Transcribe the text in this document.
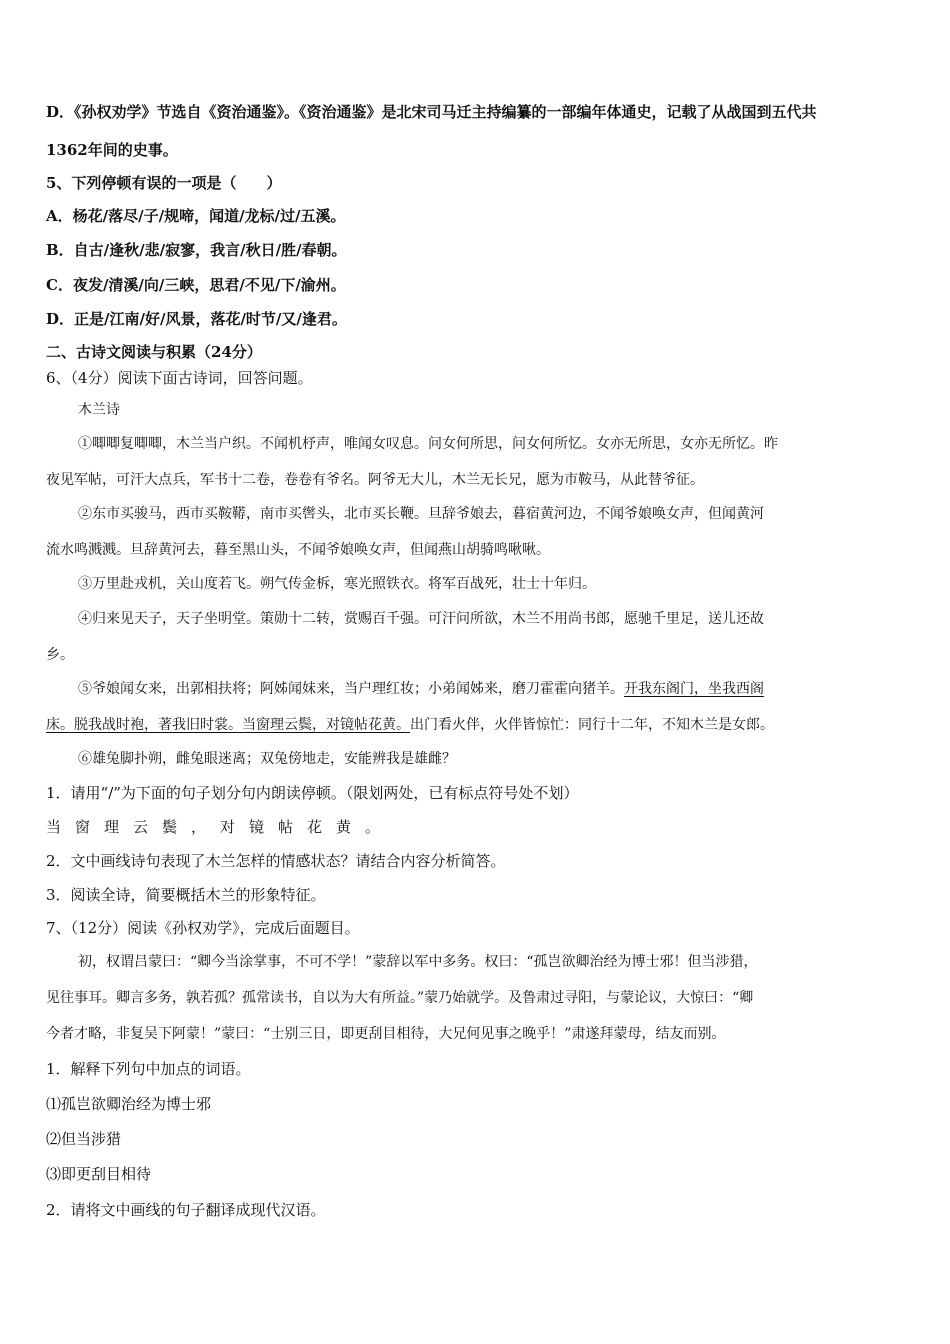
D．《孙权劝学》节选自《资治通鉴》。《资治通鉴》是北宋司马迁主持编纂的一部编年体通史，记载了从战国到五代共
1362年间的史事。
5、下列停顿有误的一项是（　　）
A．杨花/落尽/子/规啼，闻道/龙标/过/五溪。
B．自古/逢秋/悲/寂寥，我言/秋日/胜/春朝。
C．夜发/清溪/向/三峡，思君/不见/下/渝州。
D．正是/江南/好/风景，落花/时节/又/逢君。
二、古诗文阅读与积累（24分）
6、（4分）阅读下面古诗词，回答问题。
木兰诗
①唧唧复唧唧，木兰当户织。不闻机杼声，唯闻女叹息。问女何所思，问女何所忆。女亦无所思，女亦无所忆。昨
夜见军帖，可汗大点兵，军书十二卷，卷卷有爷名。阿爷无大儿，木兰无长兄，愿为市鞍马，从此替爷征。
②东市买骏马，西市买鞍鞯，南市买辔头，北市买长鞭。旦辞爷娘去，暮宿黄河边，不闻爷娘唤女声，但闻黄河
流水鸣溅溅。旦辞黄河去，暮至黑山头，不闻爷娘唤女声，但闻燕山胡骑鸣啾啾。
③万里赴戎机，关山度若飞。朔气传金柝，寒光照铁衣。将军百战死，壮士十年归。
④归来见天子，天子坐明堂。策勋十二转，赏赐百千强。可汗问所欲，木兰不用尚书郎，愿驰千里足，送儿还故
乡。
⑤爷娘闻女来，出郭相扶将；阿姊闻妹来，当户理红妆；小弟闻姊来，磨刀霍霍向猪羊。开我东阁门，坐我西阁
床。脱我战时袍，著我旧时裳。当窗理云鬓，对镜帖花黄。出门看火伴，火伴皆惊忙：同行十二年，不知木兰是女郎。
⑥雄兔脚扑朔，雌兔眼迷离；双兔傍地走，安能辨我是雄雌？
1．请用“/”为下面的句子划分句内朗读停顿。（限划两处，已有标点符号处不划）
当窗理云鬓，对镜帖花黄。
2．文中画线诗句表现了木兰怎样的情感状态？请结合内容分析简答。
3．阅读全诗，简要概括木兰的形象特征。
7、（12分）阅读《孙权劝学》，完成后面题目。
初，权谓吕蒙曰：“卿今当涂掌事，不可不学！”蒙辞以军中多务。权曰：“孤岂欲卿治经为博士邪！但当涉猎，
见往事耳。卿言多务，孰若孤？孤常读书，自以为大有所益。”蒙乃始就学。及鲁肃过寻阳，与蒙论议，大惊曰：“卿
今者才略，非复吴下阿蒙！”蒙曰：“士别三日，即更刮目相待，大兄何见事之晚乎！”肃遂拜蒙母，结友而别。
1．解释下列句中加点的词语。
⑴孤岂欲卿治经为博士邪
⑵但当涉猎
⑶即更刮目相待
2．请将文中画线的句子翻译成现代汉语。
